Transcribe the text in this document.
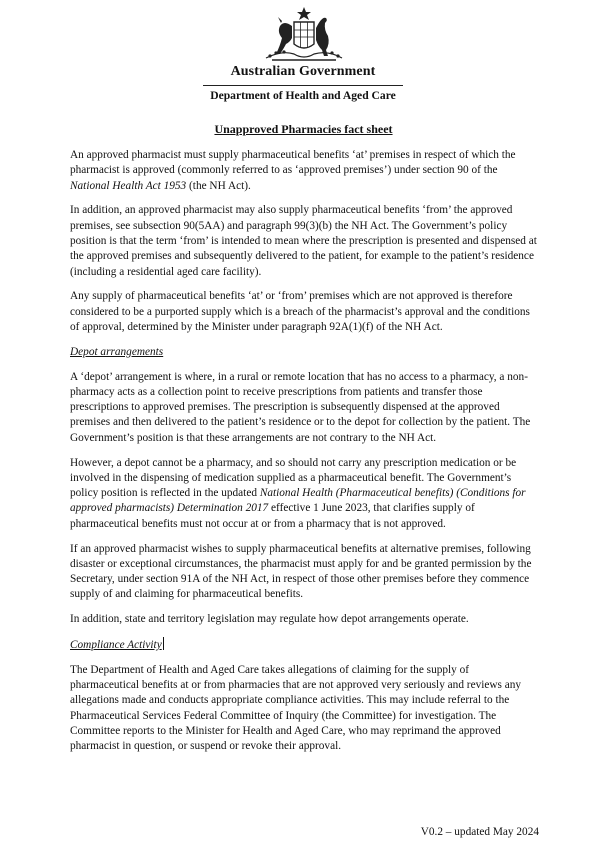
Australian Government
Department of Health and Aged Care
Unapproved Pharmacies fact sheet

An approved pharmacist must supply pharmaceutical benefits ‘at’ premises in respect of which the pharmacist is approved (commonly referred to as ‘approved premises’) under section 90 of the National Health Act 1953 (the NH Act).

In addition, an approved pharmacist may also supply pharmaceutical benefits ‘from’ the approved premises, see subsection 90(5AA) and paragraph 99(3)(b) the NH Act. The Government’s policy position is that the term ‘from’ is intended to mean where the prescription is presented and dispensed at the approved premises and subsequently delivered to the patient, for example to the patient’s residence (including a residential aged care facility).

Any supply of pharmaceutical benefits ‘at’ or ‘from’ premises which are not approved is therefore considered to be a purported supply which is a breach of the pharmacist’s approval and the conditions of approval, determined by the Minister under paragraph 92A(1)(f) of the NH Act.

Depot arrangements

A ‘depot’ arrangement is where, in a rural or remote location that has no access to a pharmacy, a non-pharmacy acts as a collection point to receive prescriptions from patients and transfer those prescriptions to approved premises. The prescription is subsequently dispensed at the approved premises and then delivered to the patient’s residence or to the depot for collection by the patient. The Government’s position is that these arrangements are not contrary to the NH Act.

However, a depot cannot be a pharmacy, and so should not carry any prescription medication or be involved in the dispensing of medication supplied as a pharmaceutical benefit. The Government’s policy position is reflected in the updated National Health (Pharmaceutical benefits) (Conditions for approved pharmacists) Determination 2017 effective 1 June 2023, that clarifies supply of pharmaceutical benefits must not occur at or from a pharmacy that is not approved.

If an approved pharmacist wishes to supply pharmaceutical benefits at alternative premises, following disaster or exceptional circumstances, the pharmacist must apply for and be granted permission by the Secretary, under section 91A of the NH Act, in respect of those other premises before they commence supply of and claiming for pharmaceutical benefits.

In addition, state and territory legislation may regulate how depot arrangements operate.

Compliance Activity

The Department of Health and Aged Care takes allegations of claiming for the supply of pharmaceutical benefits at or from pharmacies that are not approved very seriously and reviews any allegations made and conducts appropriate compliance activities. This may include referral to the Pharmaceutical Services Federal Committee of Inquiry (the Committee) for investigation. The Committee reports to the Minister for Health and Aged Care, who may reprimand the approved pharmacist in question, or suspend or revoke their approval.

V0.2 – updated May 2024
